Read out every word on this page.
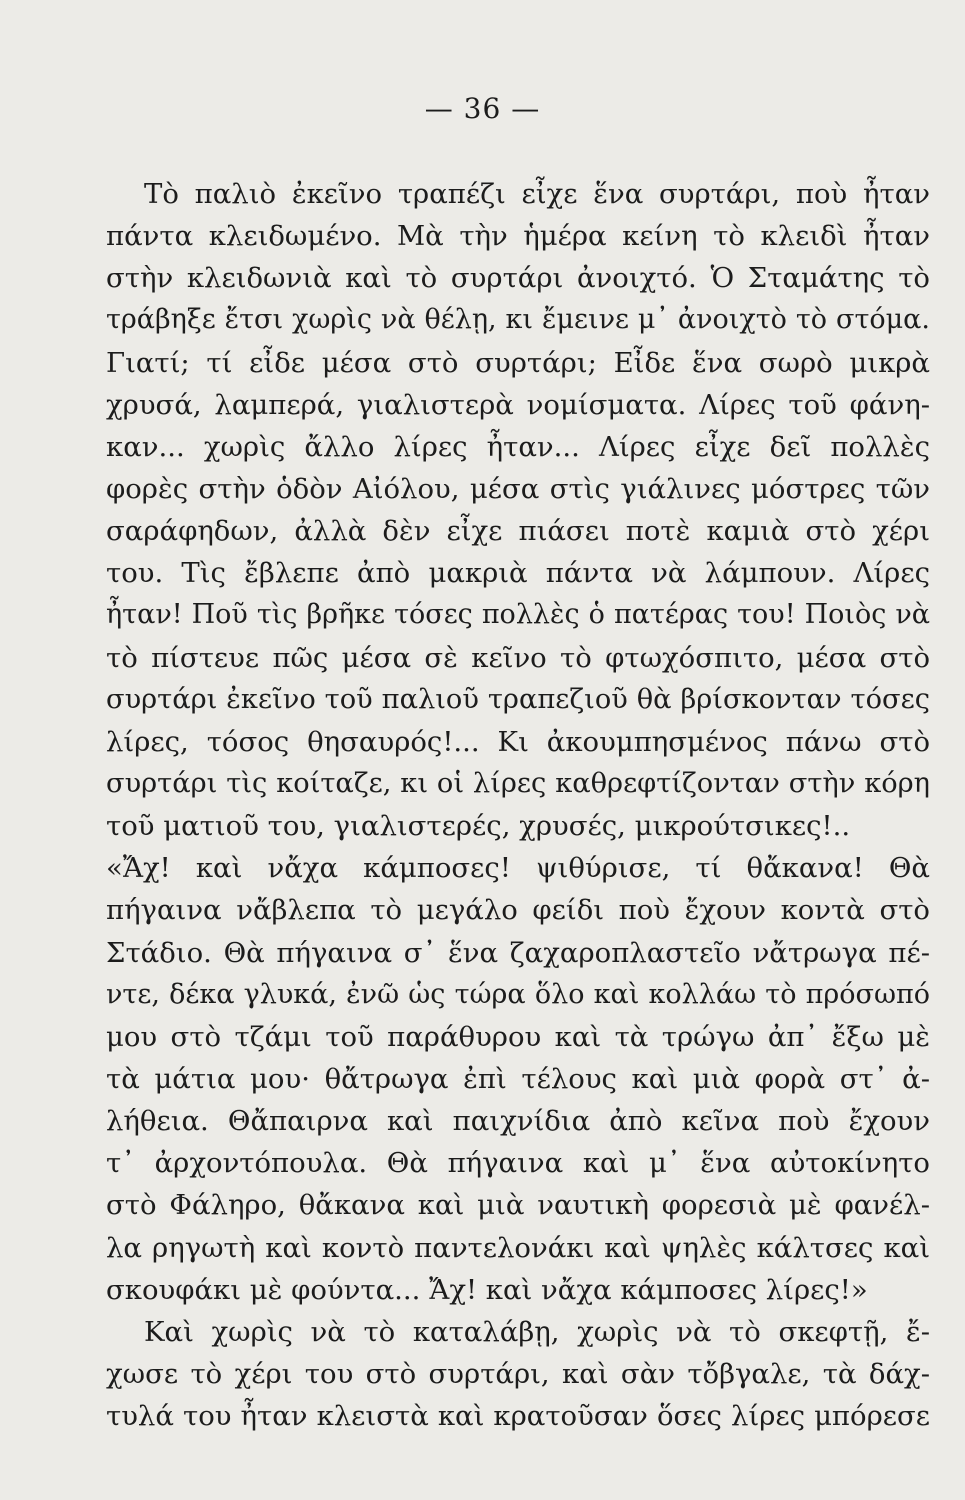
— 36 —
Τὸ παλιὸ ἐκεῖνο τραπέζι εἶχε ἕνα συρτάρι, ποὺ ἦταν
πάντα κλειδωμένο. Μὰ τὴν ἡμέρα κείνη τὸ κλειδὶ ἦταν
στὴν κλειδωνιὰ καὶ τὸ συρτάρι ἀνοιχτό. Ὁ Σταμάτης τὸ
τράβηξε ἔτσι χωρὶς νὰ θέλῃ, κι ἔμεινε μ᾿ ἀνοιχτὸ τὸ στόμα.
Γιατί; τί εἶδε μέσα στὸ συρτάρι; Εἶδε ἕνα σωρὸ μικρὰ
χρυσά, λαμπερά, γιαλιστερὰ νομίσματα. Λίρες τοῦ φάνη-
καν... χωρὶς ἄλλο λίρες ἦταν... Λίρες εἶχε δεῖ πολλὲς
φορὲς στὴν ὁδὸν Αἰόλου, μέσα στὶς γιάλινες μόστρες τῶν
σαράφηδων, ἀλλὰ δὲν εἶχε πιάσει ποτὲ καμιὰ στὸ χέρι
του. Τὶς ἔβλεπε ἀπὸ μακριὰ πάντα νὰ λάμπουν. Λίρες
ἦταν! Ποῦ τὶς βρῆκε τόσες πολλὲς ὁ πατέρας του! Ποιὸς νὰ
τὸ πίστευε πῶς μέσα σὲ κεῖνο τὸ φτωχόσπιτο, μέσα στὸ
συρτάρι ἐκεῖνο τοῦ παλιοῦ τραπεζιοῦ θὰ βρίσκονταν τόσες
λίρες, τόσος θησαυρός!... Κι ἀκουμπησμένος πάνω στὸ
συρτάρι τὶς κοίταζε, κι οἱ λίρες καθρεφτίζονταν στὴν κόρη
τοῦ ματιοῦ του, γιαλιστερές, χρυσές, μικρούτσικες!..
«Ἄχ! καὶ νἄχα κάμποσες! ψιθύρισε, τί θἄκανα! Θὰ
πήγαινα νἄβλεπα τὸ μεγάλο φείδι ποὺ ἔχουν κοντὰ στὸ
Στάδιο. Θὰ πήγαινα σ᾿ ἕνα ζαχαροπλαστεῖο νἄτρωγα πέ-
ντε, δέκα γλυκά, ἐνῶ ὡς τώρα ὅλο καὶ κολλάω τὸ πρόσωπό
μου στὸ τζάμι τοῦ παράθυρου καὶ τὰ τρώγω ἀπ᾿ ἔξω μὲ
τὰ μάτια μου· θἄτρωγα ἐπὶ τέλους καὶ μιὰ φορὰ στ᾿ ἀ-
λήθεια. Θἄπαιρνα καὶ παιχνίδια ἀπὸ κεῖνα ποὺ ἔχουν
τ᾿ ἀρχοντόπουλα. Θὰ πήγαινα καὶ μ᾿ ἕνα αὐτοκίνητο
στὸ Φάληρο, θἄκανα καὶ μιὰ ναυτικὴ φορεσιὰ μὲ φανέλ-
λα ρηγωτὴ καὶ κοντὸ παντελονάκι καὶ ψηλὲς κάλτσες καὶ
σκουφάκι μὲ φούντα... Ἄχ! καὶ νἄχα κάμποσες λίρες!»
Καὶ χωρὶς νὰ τὸ καταλάβῃ, χωρὶς νὰ τὸ σκεφτῇ, ἔ-
χωσε τὸ χέρι του στὸ συρτάρι, καὶ σὰν τὄβγαλε, τὰ δάχ-
τυλά του ἦταν κλειστὰ καὶ κρατοῦσαν ὅσες λίρες μπόρεσε
